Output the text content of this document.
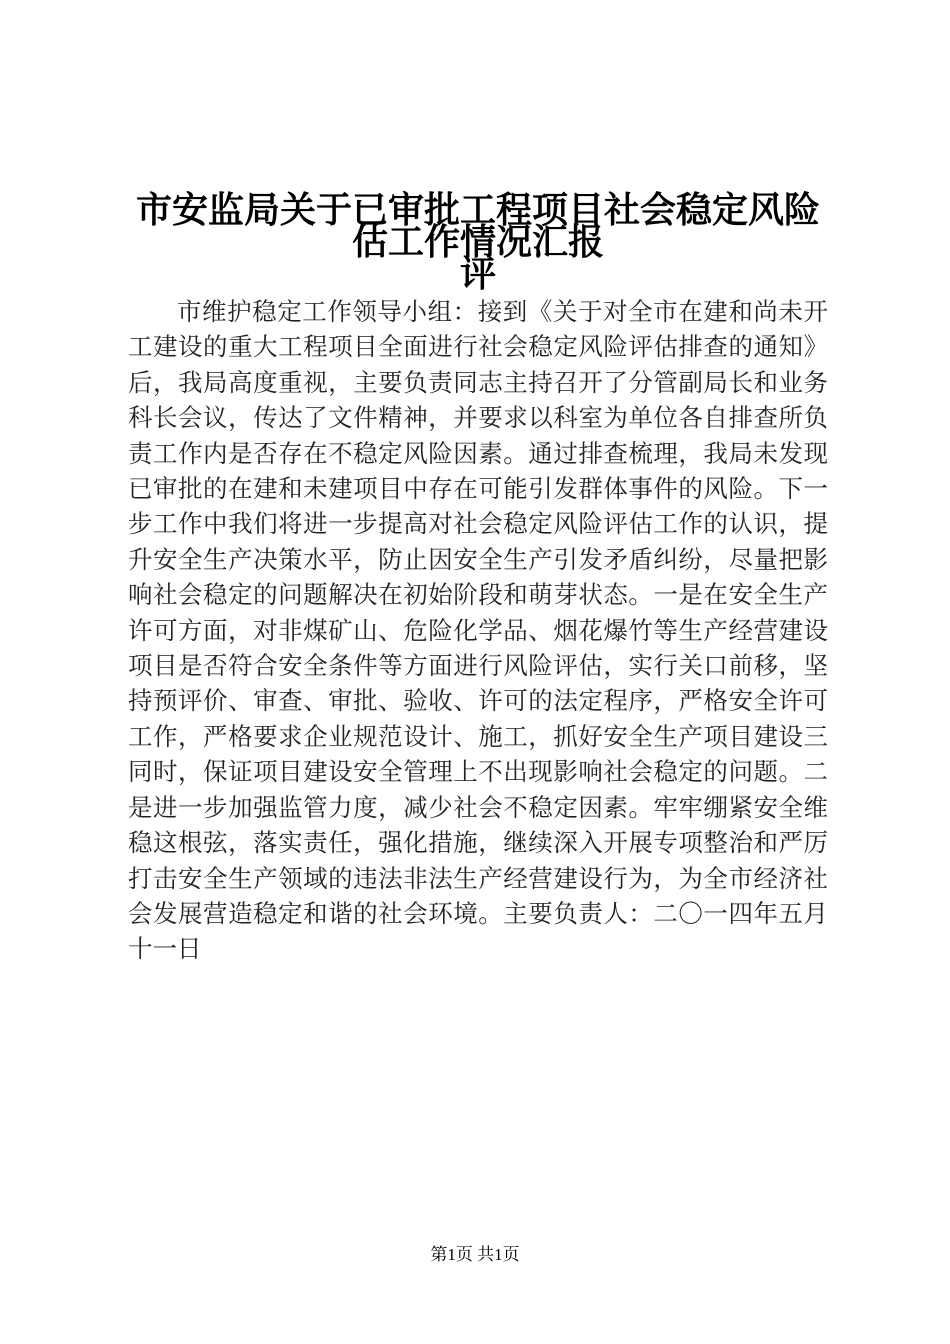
市安监局关于已审批工程项目社会稳定风险评
估工作情况汇报

市维护稳定工作领导小组：接到《关于对全市在建和尚未开工建设的重大工程项目全面进行社会稳定风险评估排查的通知》后，我局高度重视，主要负责同志主持召开了分管副局长和业务科长会议，传达了文件精神，并要求以科室为单位各自排查所负责工作内是否存在不稳定风险因素。通过排查梳理，我局未发现已审批的在建和未建项目中存在可能引发群体事件的风险。下一步工作中我们将进一步提高对社会稳定风险评估工作的认识，提升安全生产决策水平，防止因安全生产引发矛盾纠纷，尽量把影响社会稳定的问题解决在初始阶段和萌芽状态。一是在安全生产许可方面，对非煤矿山、危险化学品、烟花爆竹等生产经营建设项目是否符合安全条件等方面进行风险评估，实行关口前移，坚持预评价、审查、审批、验收、许可的法定程序，严格安全许可工作，严格要求企业规范设计、施工，抓好安全生产项目建设三同时，保证项目建设安全管理上不出现影响社会稳定的问题。二是进一步加强监管力度，减少社会不稳定因素。牢牢绷紧安全维稳这根弦，落实责任，强化措施，继续深入开展专项整治和严厉打击安全生产领域的违法非法生产经营建设行为，为全市经济社会发展营造稳定和谐的社会环境。主要负责人：二〇一四年五月十一日

第1页 共1页
